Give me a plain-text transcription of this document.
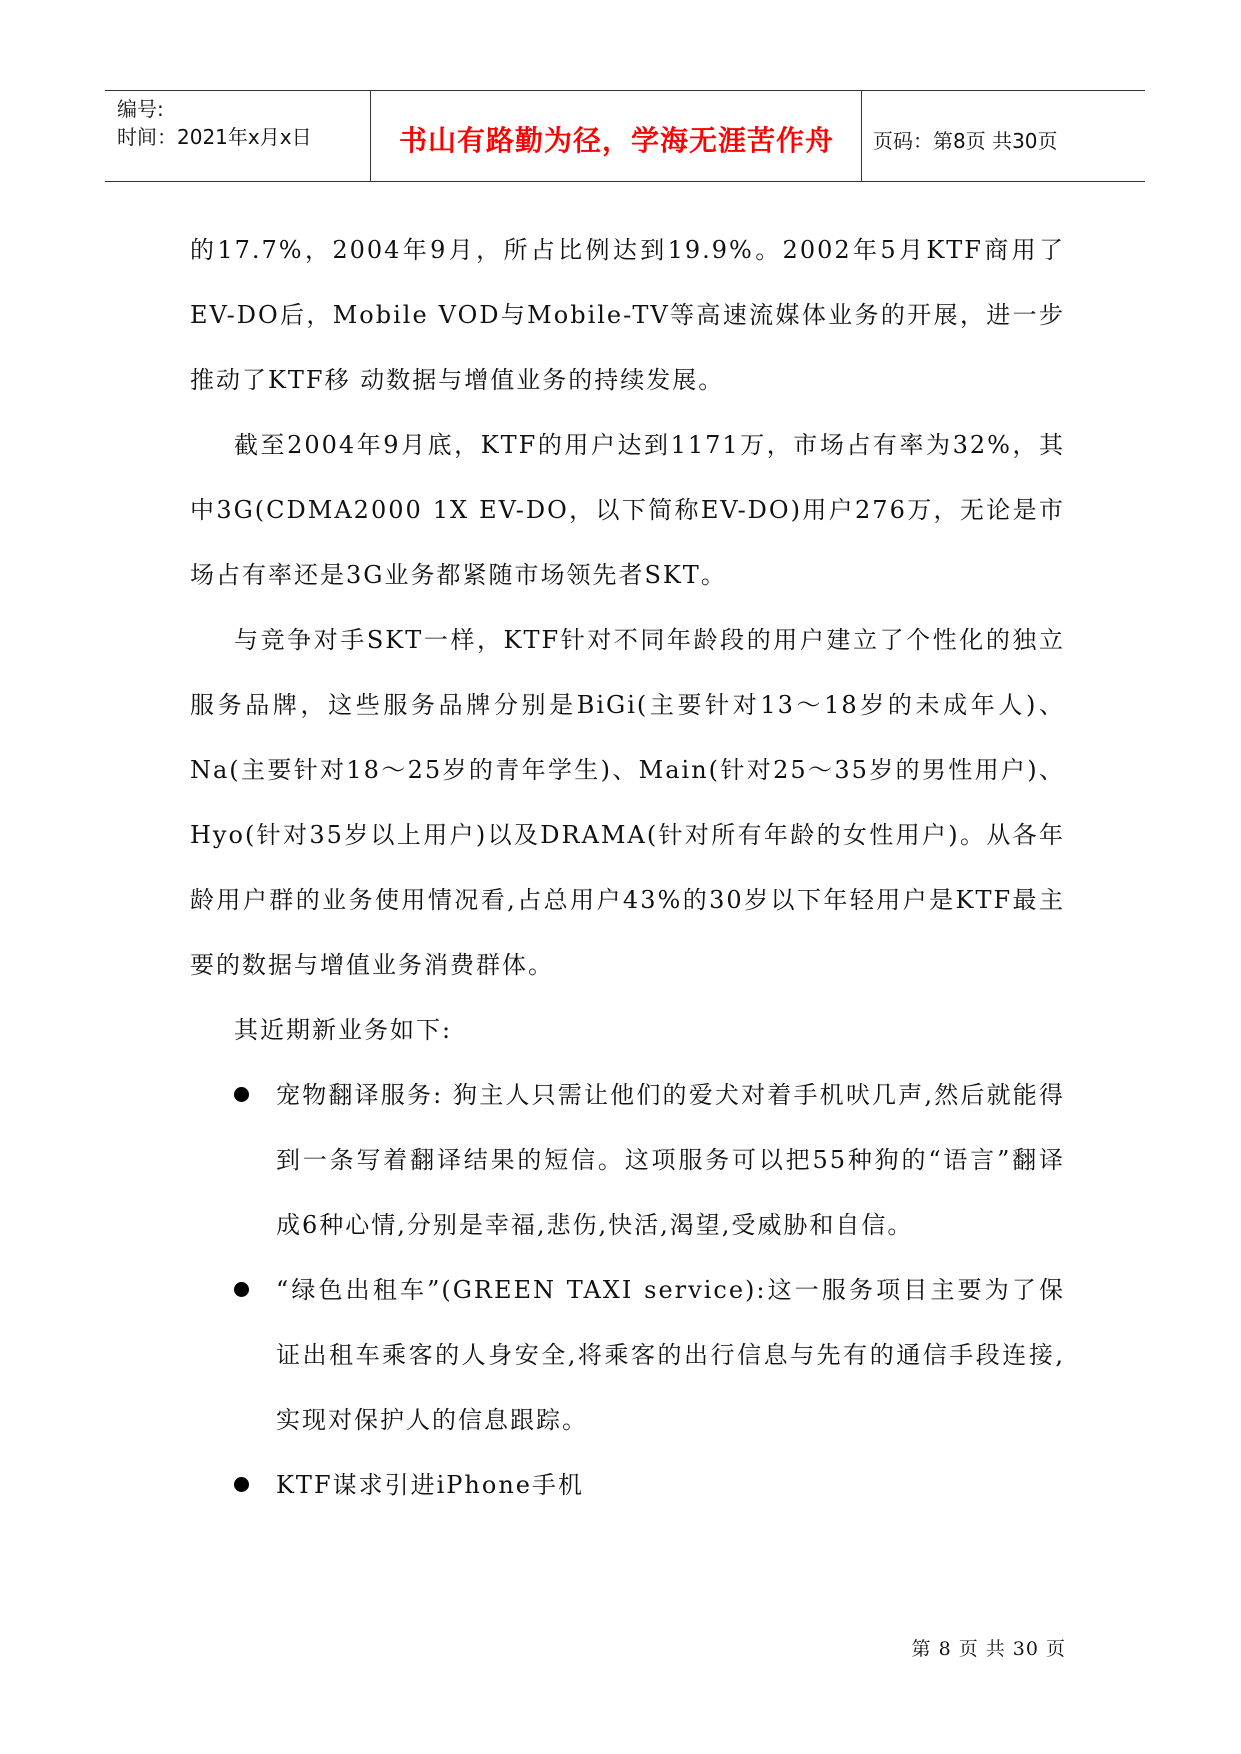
编号:
时间：2021年x月x日	书山有路勤为径，学海无涯苦作舟	页码：第8页 共30页

的17.7%，2004年9月，所占比例达到19.9%。2002年5月KTF商用了EV-DO后，Mobile VOD与Mobile-TV等高速流媒体业务的开展，进一步推动了KTF移 动数据与增值业务的持续发展。

截至2004年9月底，KTF的用户达到1171万，市场占有率为32%，其中3G(CDMA2000 1X EV-DO，以下简称EV-DO)用户276万，无论是市场占有率还是3G业务都紧随市场领先者SKT。

与竞争对手SKT一样，KTF针对不同年龄段的用户建立了个性化的独立服务品牌，这些服务品牌分别是BiGi(主要针对13～18岁的未成年人)、Na(主要针对18～25岁的青年学生)、Main(针对25～35岁的男性用户)、Hyo(针对35岁以上用户)以及DRAMA(针对所有年龄的女性用户)。从各年龄用户群的业务使用情况看,占总用户43%的30岁以下年轻用户是KTF最主要的数据与增值业务消费群体。

其近期新业务如下:

宠物翻译服务: 狗主人只需让他们的爱犬对着手机吠几声,然后就能得到一条写着翻译结果的短信。这项服务可以把55种狗的“语言”翻译成6种心情,分别是幸福,悲伤,快活,渴望,受威胁和自信。
“绿色出租车”(GREEN TAXI service):这一服务项目主要为了保证出租车乘客的人身安全,将乘客的出行信息与先有的通信手段连接,实现对保护人的信息跟踪。
KTF谋求引进iPhone手机
第 8 页 共 30 页
